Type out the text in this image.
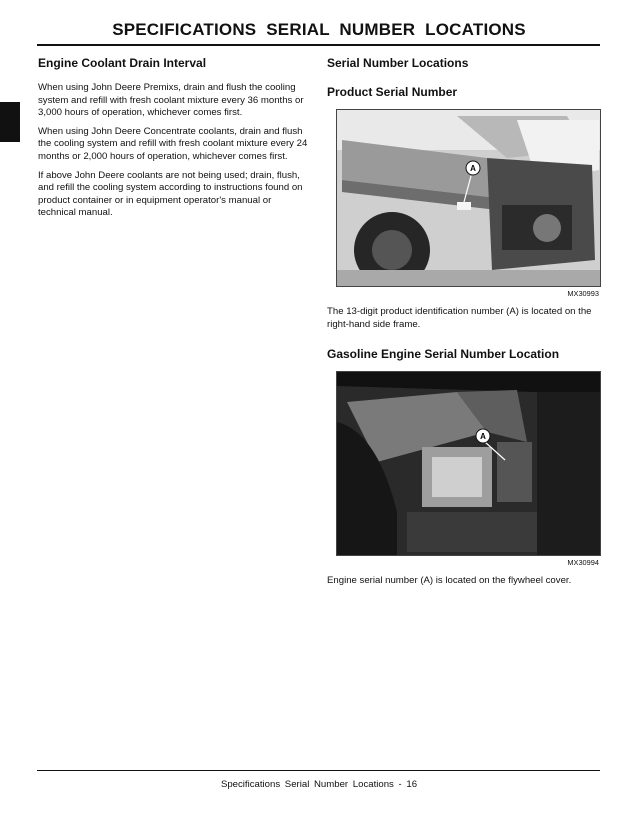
SPECIFICATIONS SERIAL NUMBER LOCATIONS
Engine Coolant Drain Interval

When using John Deere Premixs, drain and flush the cooling system and refill with fresh coolant mixture every 36 months or 3,000 hours of operation, whichever comes first.

When using John Deere Concentrate coolants, drain and flush the cooling system and refill with fresh coolant mixture every 24 months or 2,000 hours of operation, whichever comes first.

If above John Deere coolants are not being used; drain, flush, and refill the cooling system according to instructions found on product container or in equipment operator's manual or technical manual.

Serial Number Locations
Product Serial Number
A
MX30993

The 13-digit product identification number (A) is located on the right-hand side frame.

Gasoline Engine Serial Number Location
A
MX30994

Engine serial number (A) is located on the flywheel cover.

Specifications Serial Number Locations - 16
